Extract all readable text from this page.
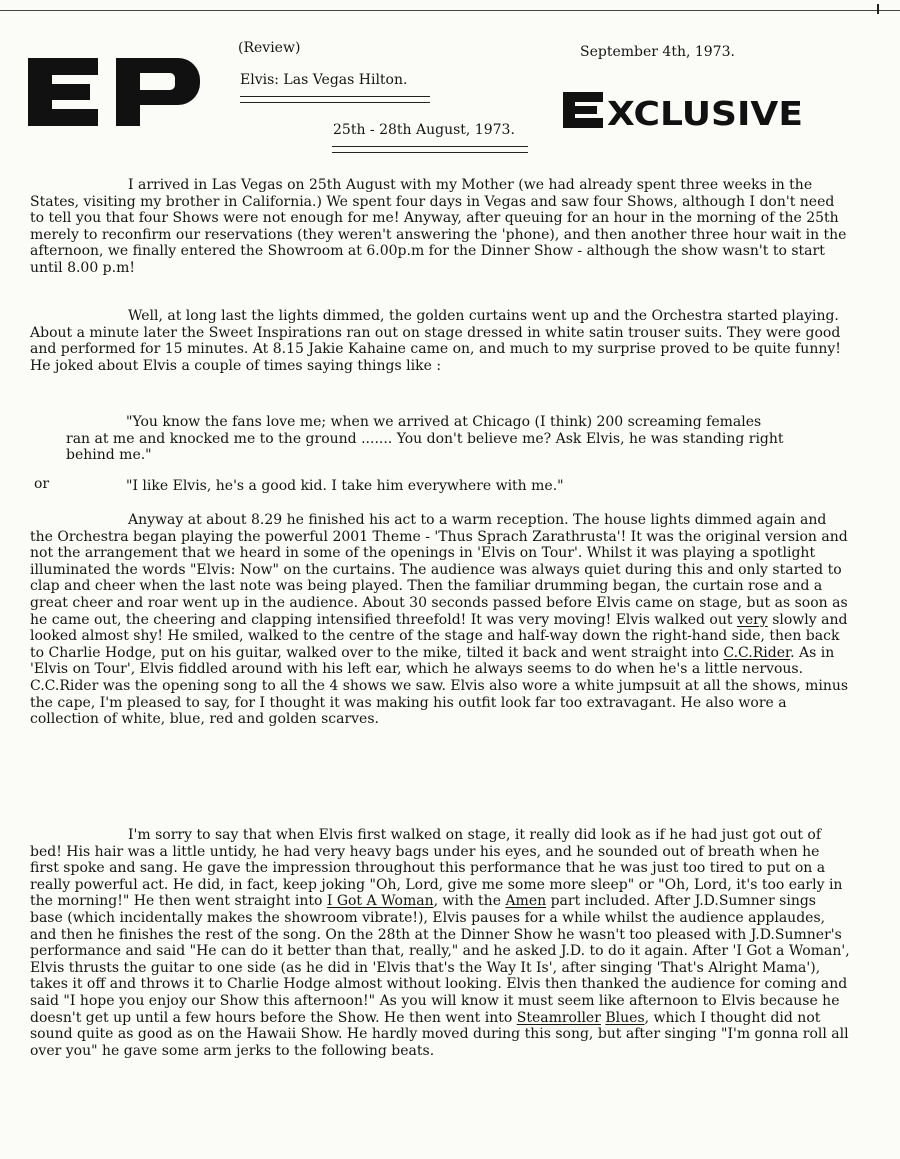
(Review)
Elvis: Las Vegas Hilton.
25th - 28th August, 1973.
September 4th, 1973.
XCLUSIVE

I arrived in Las Vegas on 25th August with my Mother (we had already spent three weeks in the States, visiting my brother in California.) We spent four days in Vegas and saw four Shows, although I don't need to tell you that four Shows were not enough for me! Anyway, after queuing for an hour in the morning of the 25th merely to reconfirm our reservations (they weren't answering the 'phone), and then another three hour wait in the afternoon, we finally entered the Showroom at 6.00p.m for the Dinner Show - although the show wasn't to start until 8.00 p.m!

Well, at long last the lights dimmed, the golden curtains went up and the Orchestra started playing. About a minute later the Sweet Inspirations ran out on stage dressed in white satin trouser suits. They were good and performed for 15 minutes. At 8.15 Jakie Kahaine came on, and much to my surprise proved to be quite funny! He joked about Elvis a couple of times saying things like :

"You know the fans love me; when we arrived at Chicago (I think) 200 screaming females ran at me and knocked me to the ground ....... You don't believe me? Ask Elvis, he was standing right behind me."
or	"I like Elvis, he's a good kid. I take him everywhere with me."

Anyway at about 8.29 he finished his act to a warm reception. The house lights dimmed again and the Orchestra began playing the powerful 2001 Theme - 'Thus Sprach Zarathrusta'! It was the original version and not the arrangement that we heard in some of the openings in 'Elvis on Tour'. Whilst it was playing a spotlight illuminated the words "Elvis: Now" on the curtains. The audience was always quiet during this and only started to clap and cheer when the last note was being played. Then the familiar drumming began, the curtain rose and a great cheer and roar went up in the audience. About 30 seconds passed before Elvis came on stage, but as soon as he came out, the cheering and clapping intensified threefold! It was very moving! Elvis walked out very slowly and looked almost shy! He smiled, walked to the centre of the stage and half-way down the right-hand side, then back to Charlie Hodge, put on his guitar, walked over to the mike, tilted it back and went straight into C.C.Rider. As in 'Elvis on Tour', Elvis fiddled around with his left ear, which he always seems to do when he's a little nervous. C.C.Rider was the opening song to all the 4 shows we saw. Elvis also wore a white jumpsuit at all the shows, minus the cape, I'm pleased to say, for I thought it was making his outfit look far too extravagant. He also wore a collection of white, blue, red and golden scarves.

I'm sorry to say that when Elvis first walked on stage, it really did look as if he had just got out of bed! His hair was a little untidy, he had very heavy bags under his eyes, and he sounded out of breath when he first spoke and sang. He gave the impression throughout this performance that he was just too tired to put on a really powerful act. He did, in fact, keep joking "Oh, Lord, give me some more sleep" or "Oh, Lord, it's too early in the morning!" He then went straight into I Got A Woman, with the Amen part included. After J.D.Sumner sings base (which incidentally makes the showroom vibrate!), Elvis pauses for a while whilst the audience applaudes, and then he finishes the rest of the song. On the 28th at the Dinner Show he wasn't too pleased with J.D.Sumner's performance and said "He can do it better than that, really," and he asked J.D. to do it again. After 'I Got a Woman', Elvis thrusts the guitar to one side (as he did in 'Elvis that's the Way It Is', after singing 'That's Alright Mama'), takes it off and throws it to Charlie Hodge almost without looking. Elvis then thanked the audience for coming and said "I hope you enjoy our Show this afternoon!" As you will know it must seem like afternoon to Elvis because he doesn't get up until a few hours before the Show. He then went into Steamroller Blues, which I thought did not sound quite as good as on the Hawaii Show. He hardly moved during this song, but after singing "I'm gonna roll all over you" he gave some arm jerks to the following beats.
